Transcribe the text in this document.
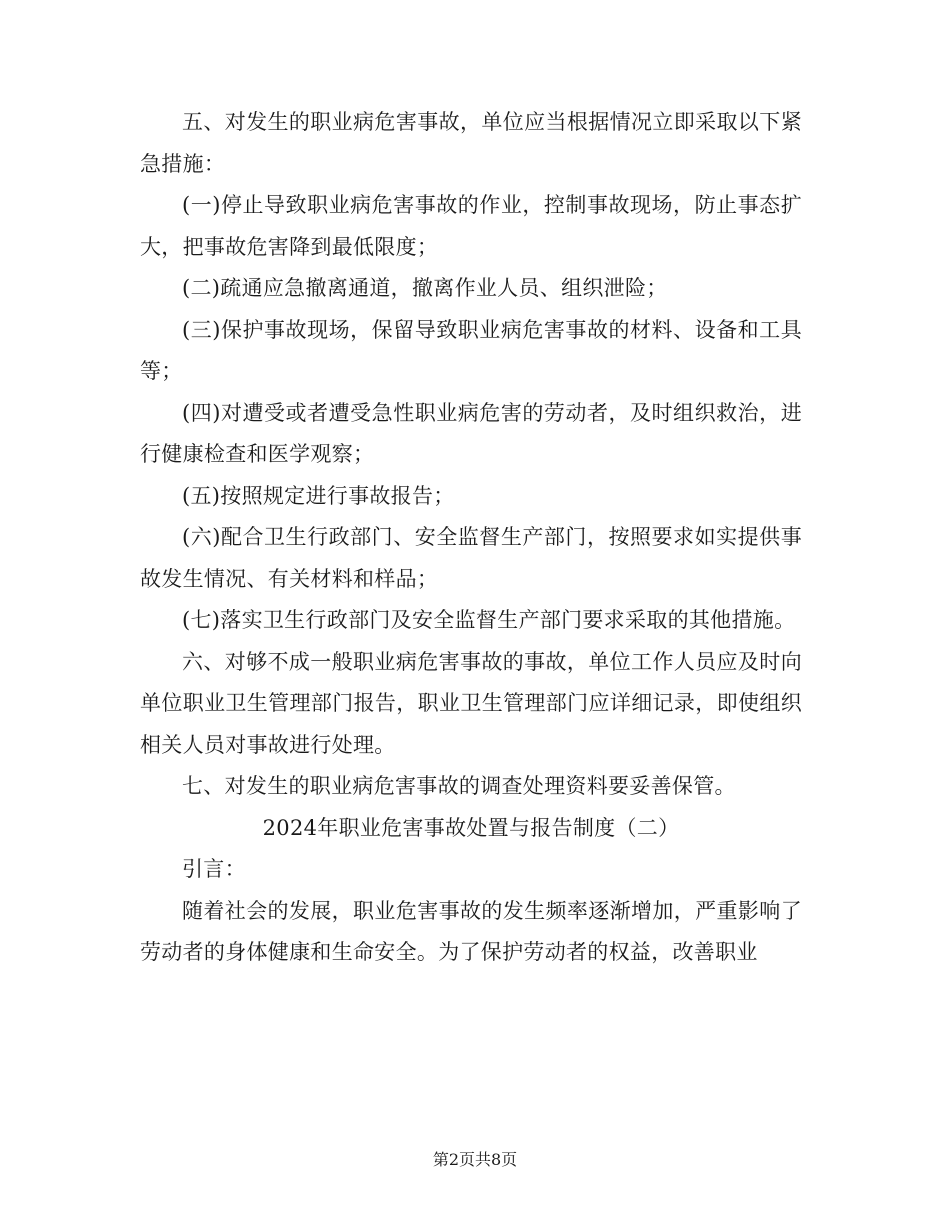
五、对发生的职业病危害事故，单位应当根据情况立即采取以下紧急措施：

(一)停止导致职业病危害事故的作业，控制事故现场，防止事态扩大，把事故危害降到最低限度；

(二)疏通应急撤离通道，撤离作业人员、组织泄险；

(三)保护事故现场，保留导致职业病危害事故的材料、设备和工具等；

(四)对遭受或者遭受急性职业病危害的劳动者，及时组织救治，进行健康检查和医学观察；

(五)按照规定进行事故报告；

(六)配合卫生行政部门、安全监督生产部门，按照要求如实提供事故发生情况、有关材料和样品；

(七)落实卫生行政部门及安全监督生产部门要求采取的其他措施。

六、对够不成一般职业病危害事故的事故，单位工作人员应及时向单位职业卫生管理部门报告，职业卫生管理部门应详细记录，即使组织相关人员对事故进行处理。

七、对发生的职业病危害事故的调查处理资料要妥善保管。

2024年职业危害事故处置与报告制度（二）

引言：

随着社会的发展，职业危害事故的发生频率逐渐增加，严重影响了劳动者的身体健康和生命安全。为了保护劳动者的权益，改善职业

第2页共8页
